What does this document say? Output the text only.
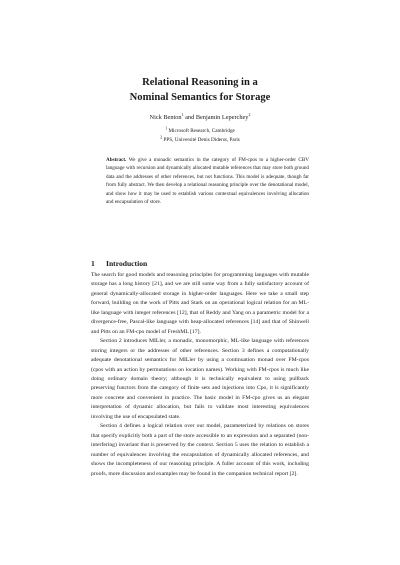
Relational Reasoning in a
Nominal Semantics for Storage
Nick Benton$^1$ and Benjamin Leperchey$^2$
$^1$ Microsoft Research, Cambridge
$^2$ PPS, Université Denis Diderot, Paris
Abstract. We give a monadic semantics in the category of FM-cpos to a higher-order CBV language with recursion and dynamically allocated mutable references that may store both ground data and the addresses of other references, but not functions. This model is adequate, though far from fully abstract. We then develop a relational reasoning principle over the denotational model, and show how it may be used to establish various contextual equivalences involving allocation and encapsulation of store.
1 Introduction

The search for good models and reasoning principles for programming languages with mutable storage has a long history [21], and we are still some way from a fully satisfactory account of general dynamically-allocated storage in higher-order languages. Here we take a small step forward, building on the work of Pitts and Stark on an operational logical relation for an ML-like language with integer references [12], that of Reddy and Yang on a parametric model for a divergence-free, Pascal-like language with heap-allocated references [14] and that of Shinwell and Pitts on an FM-cpo model of FreshML [17].

Section 2 introduces MILler, a monadic, monomorphic, ML-like language with references storing integers or the addresses of other references. Section 3 defines a computationally adequate denotational semantics for MILler by using a continuation monad over FM-cpos (cpos with an action by permutations on location names). Working with FM-cpos is much like doing ordinary domain theory; although it is technically equivalent to using pullback preserving functors from the category of finite sets and injections into Cpo, it is significantly more concrete and convenient in practice. The basic model in FM-cpo gives us an elegant interpretation of dynamic allocation, but fails to validate most interesting equivalences involving the use of encapsulated state.

Section 4 defines a logical relation over our model, parameterized by relations on stores that specify explicitly both a part of the store accessible to an expression and a separated (non-interfering) invariant that is preserved by the context. Section 5 uses the relation to establish a number of equivalences involving the encapsulation of dynamically allocated references, and shows the incompleteness of our reasoning principle. A fuller account of this work, including proofs, more discussion and examples may be found in the companion technical report [2].
